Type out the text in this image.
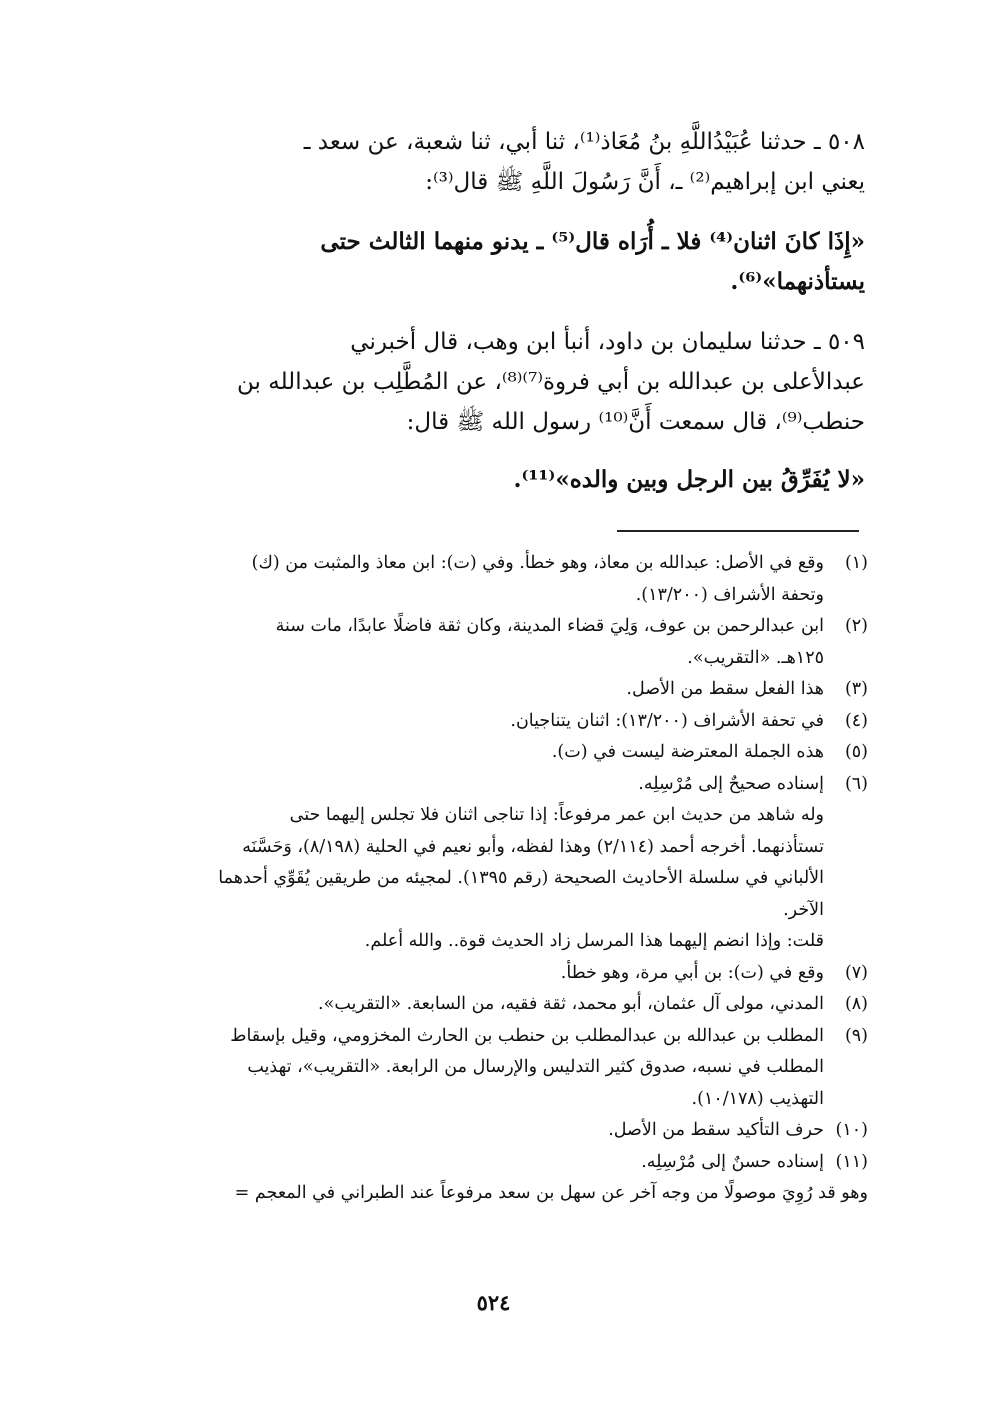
٥٠٨ ـ حدثنا عُبَيْدُاللَّهِ بنُ مُعَاذ⁽¹⁾، ثنا أبي، ثنا شعبة، عن سعد ـ
يعني ابن إبراهيم⁽²⁾ ـ، أَنَّ رَسُولَ اللَّهِ ﷺ قال⁽³⁾:
«إِذَا كانَ اثنان⁽⁴⁾ فلا ـ أُرَاه قال⁽⁵⁾ ـ يدنو منهما الثالث حتى
يستأذنهما»⁽⁶⁾.
٥٠٩ ـ حدثنا سليمان بن داود، أنبأ ابن وهب، قال أخبرني
عبدالأعلى بن عبدالله بن أبي فروة⁽⁷⁾⁽⁸⁾، عن المُطَّلِب بن عبدالله بن
حنطب⁽⁹⁾، قال سمعت أَنَّ⁽¹⁰⁾ رسول الله ﷺ قال:
«لا يُفَرِّقُ بين الرجل وبين والده»⁽¹¹⁾.
(١)
وقع في الأصل: عبدالله بن معاذ، وهو خطأ. وفي (ت): ابن معاذ والمثبت من (ك)
وتحفة الأشراف (١٣/٢٠٠).
(٢)
ابن عبدالرحمن بن عوف، وَلِيَ قضاء المدينة، وكان ثقة فاضلًا عابدًا، مات سنة
١٢٥هـ. «التقريب».
(٣)
هذا الفعل سقط من الأصل.
(٤)
في تحفة الأشراف (١٣/٢٠٠): اثنان يتناجيان.
(٥)
هذه الجملة المعترضة ليست في (ت).
(٦)
إسناده صحيحٌ إلى مُرْسِلِه.
وله شاهد من حديث ابن عمر مرفوعاً: إذا تناجى اثنان فلا تجلس إليهما حتى
تستأذنهما. أخرجه أحمد (٢/١١٤) وهذا لفظه، وأبو نعيم في الحلية (٨/١٩٨)، وَحَسَّنَه
الألباني في سلسلة الأحاديث الصحيحة (رقم ١٣٩٥). لمجيئه من طريقين يُقَوِّي أحدهما
الآخر.
قلت: وإذا انضم إليهما هذا المرسل زاد الحديث قوة.. والله أعلم.
(٧)
وقع في (ت): بن أبي مرة، وهو خطأ.
(٨)
المدني، مولى آل عثمان، أبو محمد، ثقة فقيه، من السابعة. «التقريب».
(٩)
المطلب بن عبدالله بن عبدالمطلب بن حنطب بن الحارث المخزومي، وقيل بإسقاط
المطلب في نسبه، صدوق كثير التدليس والإرسال من الرابعة. «التقريب»، تهذيب
التهذيب (١٠/١٧٨).
(١٠)
حرف التأكيد سقط من الأصل.
(١١)
إسناده حسنٌ إلى مُرْسِلِه.
وهو قد رُوِيَ موصولًا من وجه آخر عن سهل بن سعد مرفوعاً عند الطبراني في المعجم =
٥٢٤
